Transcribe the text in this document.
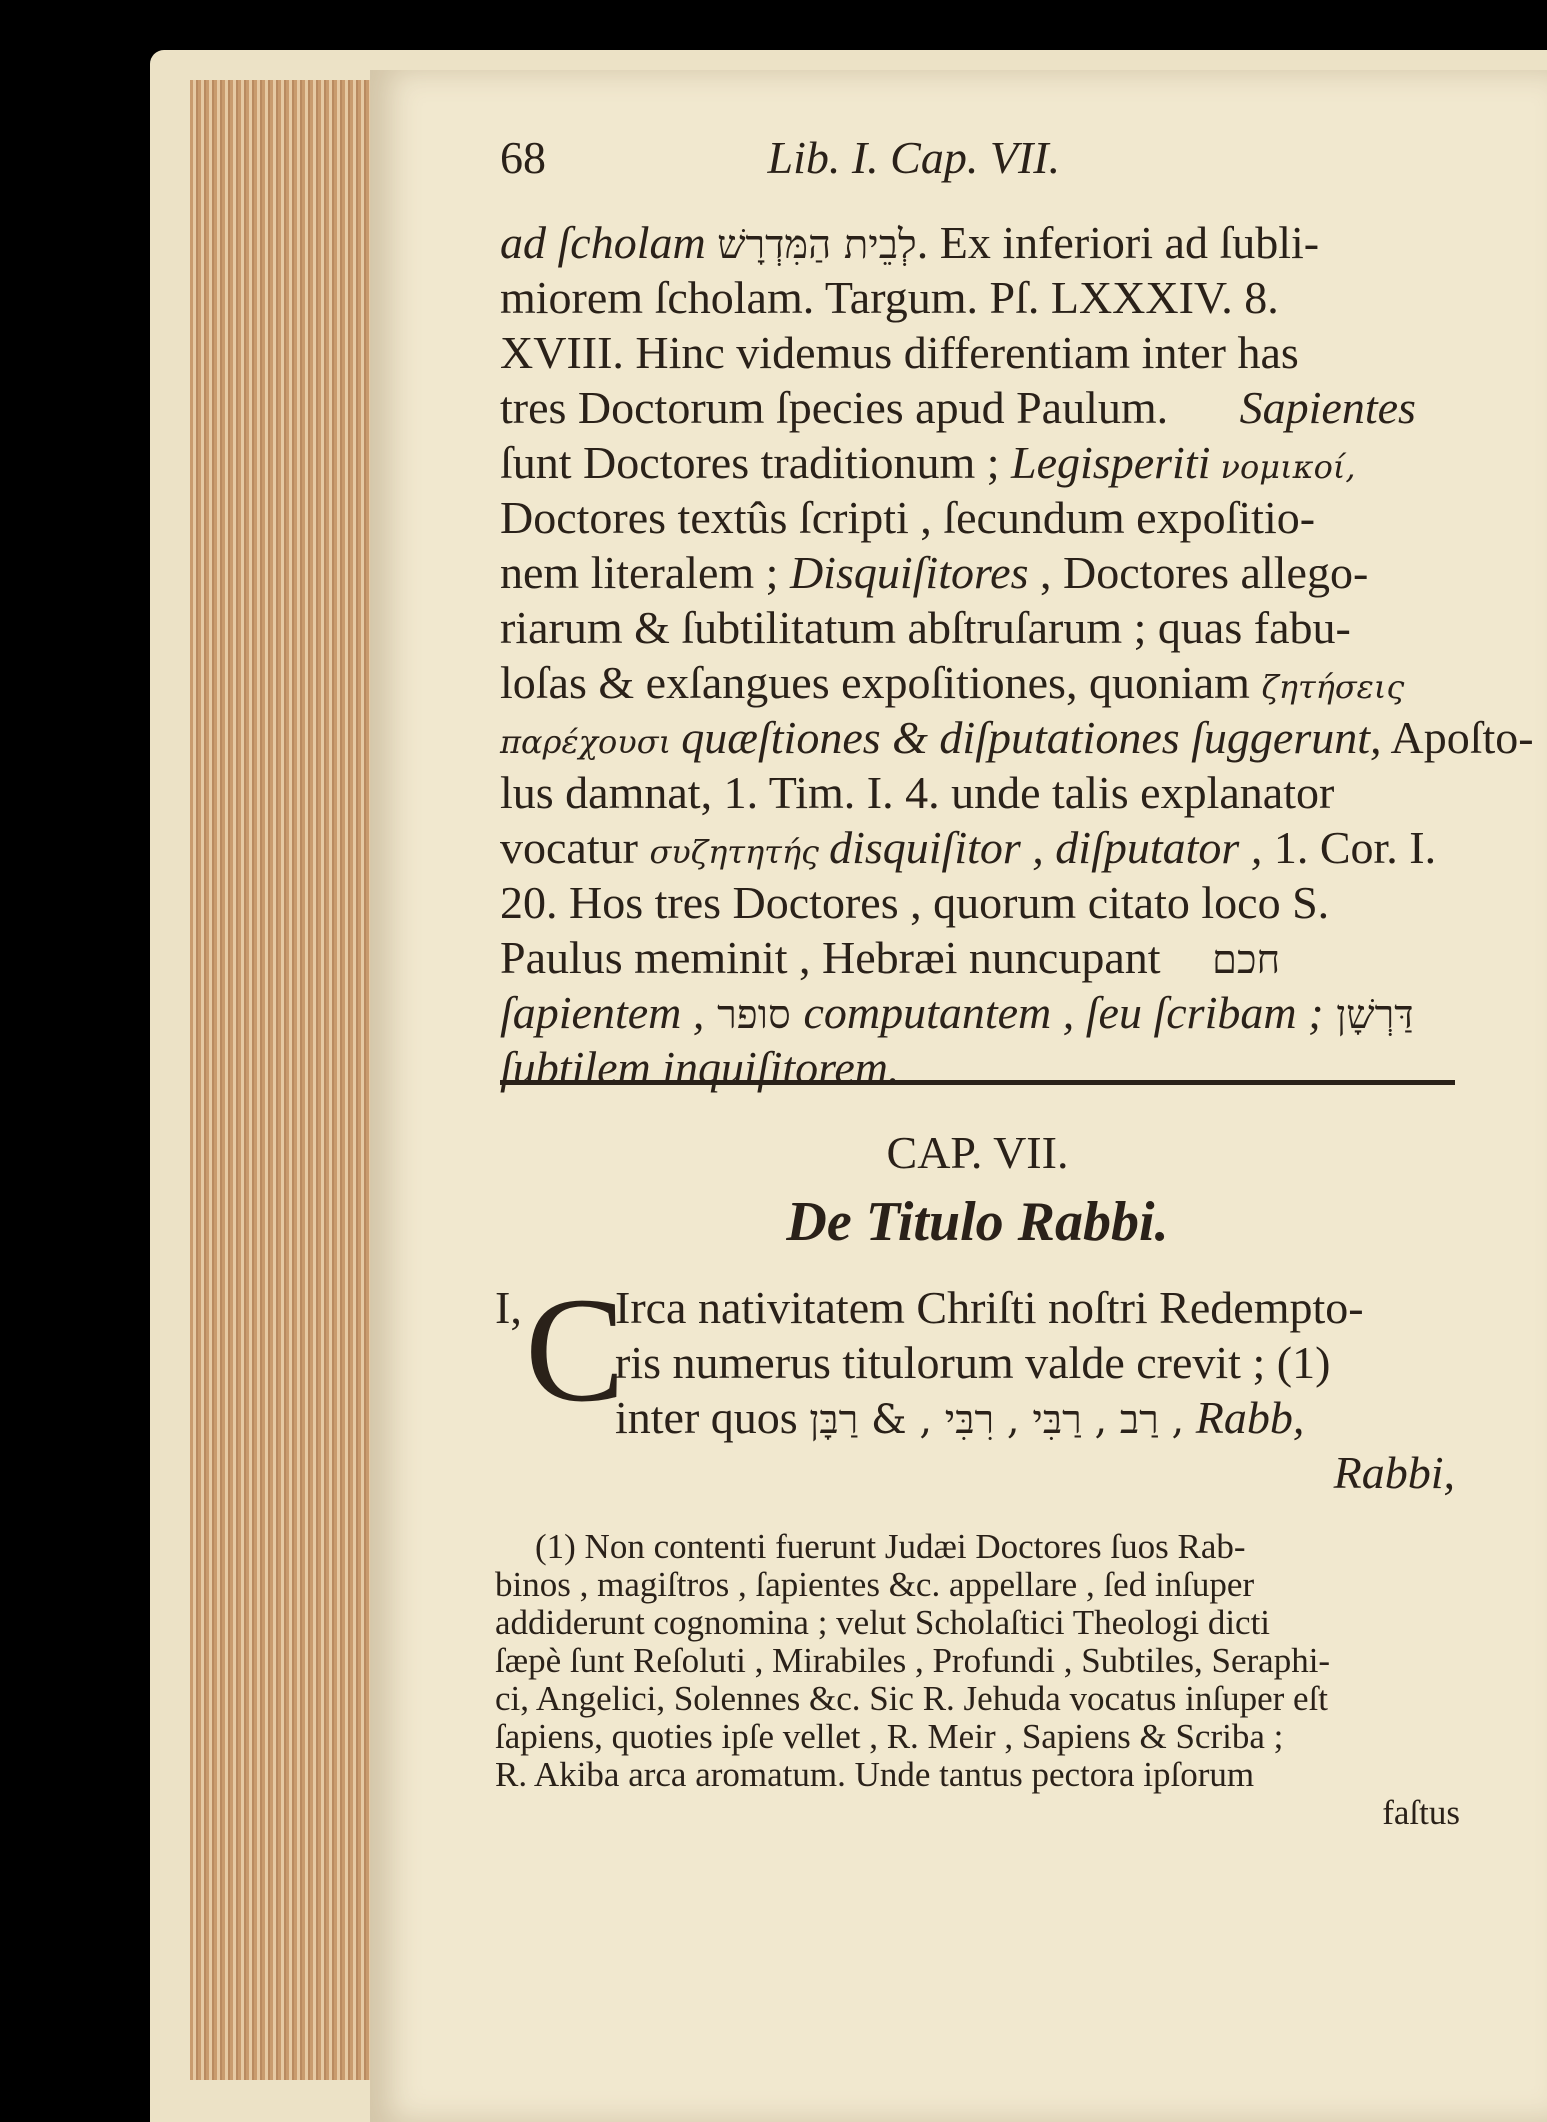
68	Lib. I. Cap. VII.
ad ſcholam לְבֵית הַמִּדְרָשׁ. Ex inferiori ad ſubli-
miorem ſcholam. Targum. Pſ. LXXXIV. 8.
XVIII. Hinc videmus differentiam inter has
tres Doctorum ſpecies apud Paulum. Sapientes
ſunt Doctores traditionum ; Legisperiti νομικοί,
Doctores textûs ſcripti , ſecundum expoſitio-
nem literalem ; Disquiſitores , Doctores allego-
riarum & ſubtilitatum abſtruſarum ; quas fabu-
loſas & exſangues expoſitiones, quoniam ζητήσεις
παρέχουσι quæſtiones & diſputationes ſuggerunt, Apoſto-
lus damnat, 1. Tim. I. 4. unde talis explanator
vocatur συζητητής disquiſitor , diſputator , 1. Cor. I.
20. Hos tres Doctores , quorum citato loco S.
Paulus meminit , Hebræi nuncupant חכם
ſapientem , סופר computantem , ſeu ſcribam ; דַּרְשָׁן
ſubtilem inquiſitorem.
CAP. VII.
De Titulo Rabbi.
I, C
Irca nativitatem Chriſti noſtri Redempto-
ris numerus titulorum valde crevit ; (1)
inter quos רַב , רַבִּי , רִבִּי , & רַבָּן , Rabb,
Rabbi,
(1) Non contenti fuerunt Judæi Doctores ſuos Rab-
binos , magiſtros , ſapientes &c. appellare , ſed inſuper
addiderunt cognomina ; velut Scholaſtici Theologi dicti
ſæpè ſunt Reſoluti , Mirabiles , Profundi , Subtiles, Seraphi-
ci, Angelici, Solennes &c. Sic R. Jehuda vocatus inſuper eſt
ſapiens, quoties ipſe vellet , R. Meir , Sapiens & Scriba ;
R. Akiba arca aromatum. Unde tantus pectora ipſorum
faſtus
